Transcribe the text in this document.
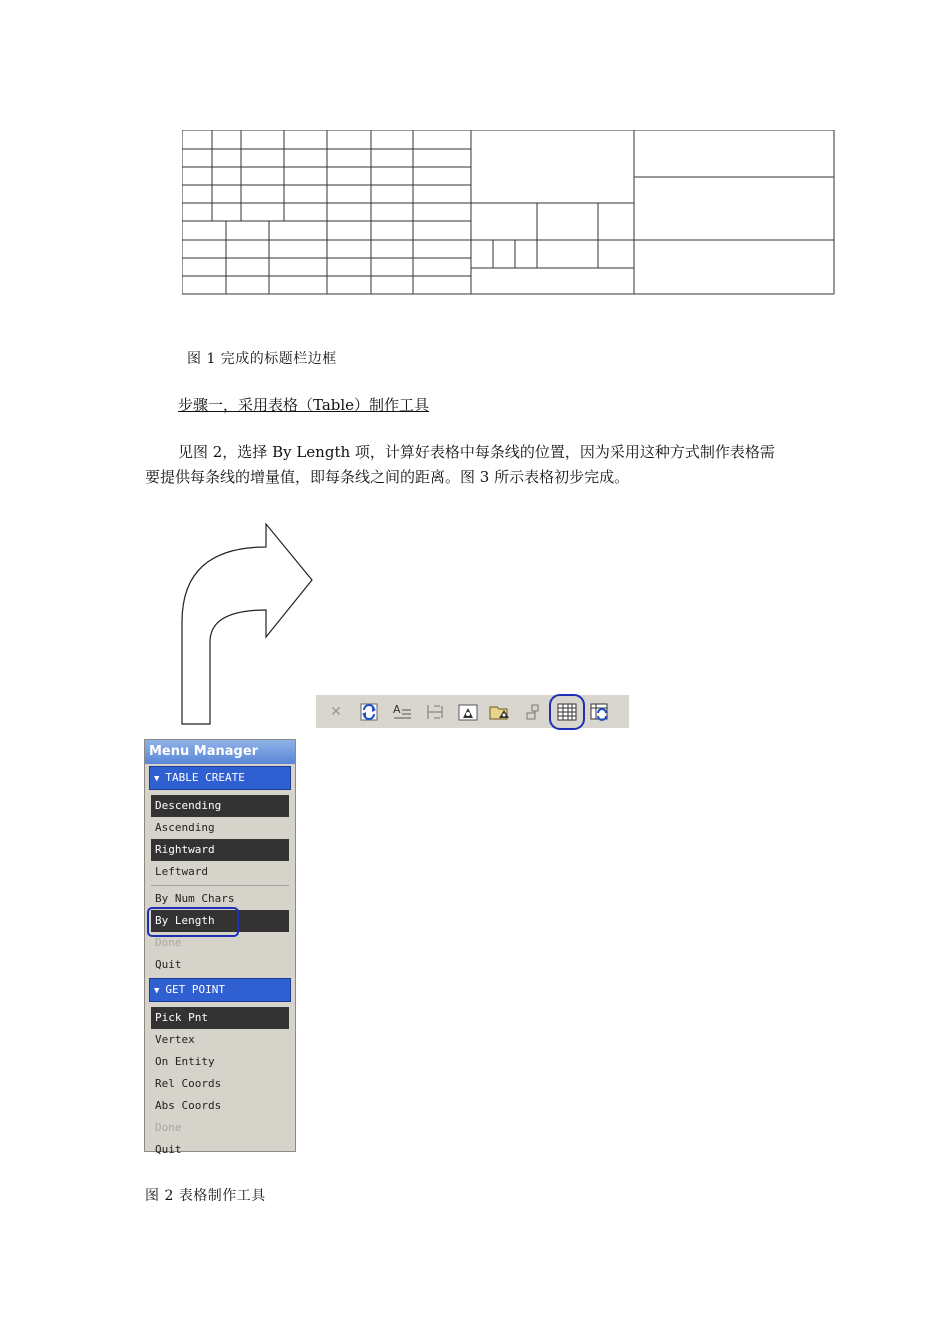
图 1 完成的标题栏边框
步骤一，采用表格（Table）制作工具
见图 2，选择 By Length 项，计算好表格中每条线的位置，因为采用这种方式制作表格需
要提供每条线的增量值，即每条线之间的距离。图 3 所示表格初步完成。
✕	A
Menu Manager
▼ TABLE CREATE
Descending
Ascending
Rightward
Leftward
By Num Chars
By Length
Done
Quit
▼ GET POINT
Pick Pnt
Vertex
On Entity
Rel Coords
Abs Coords
Done
Quit
图 2 表格制作工具
